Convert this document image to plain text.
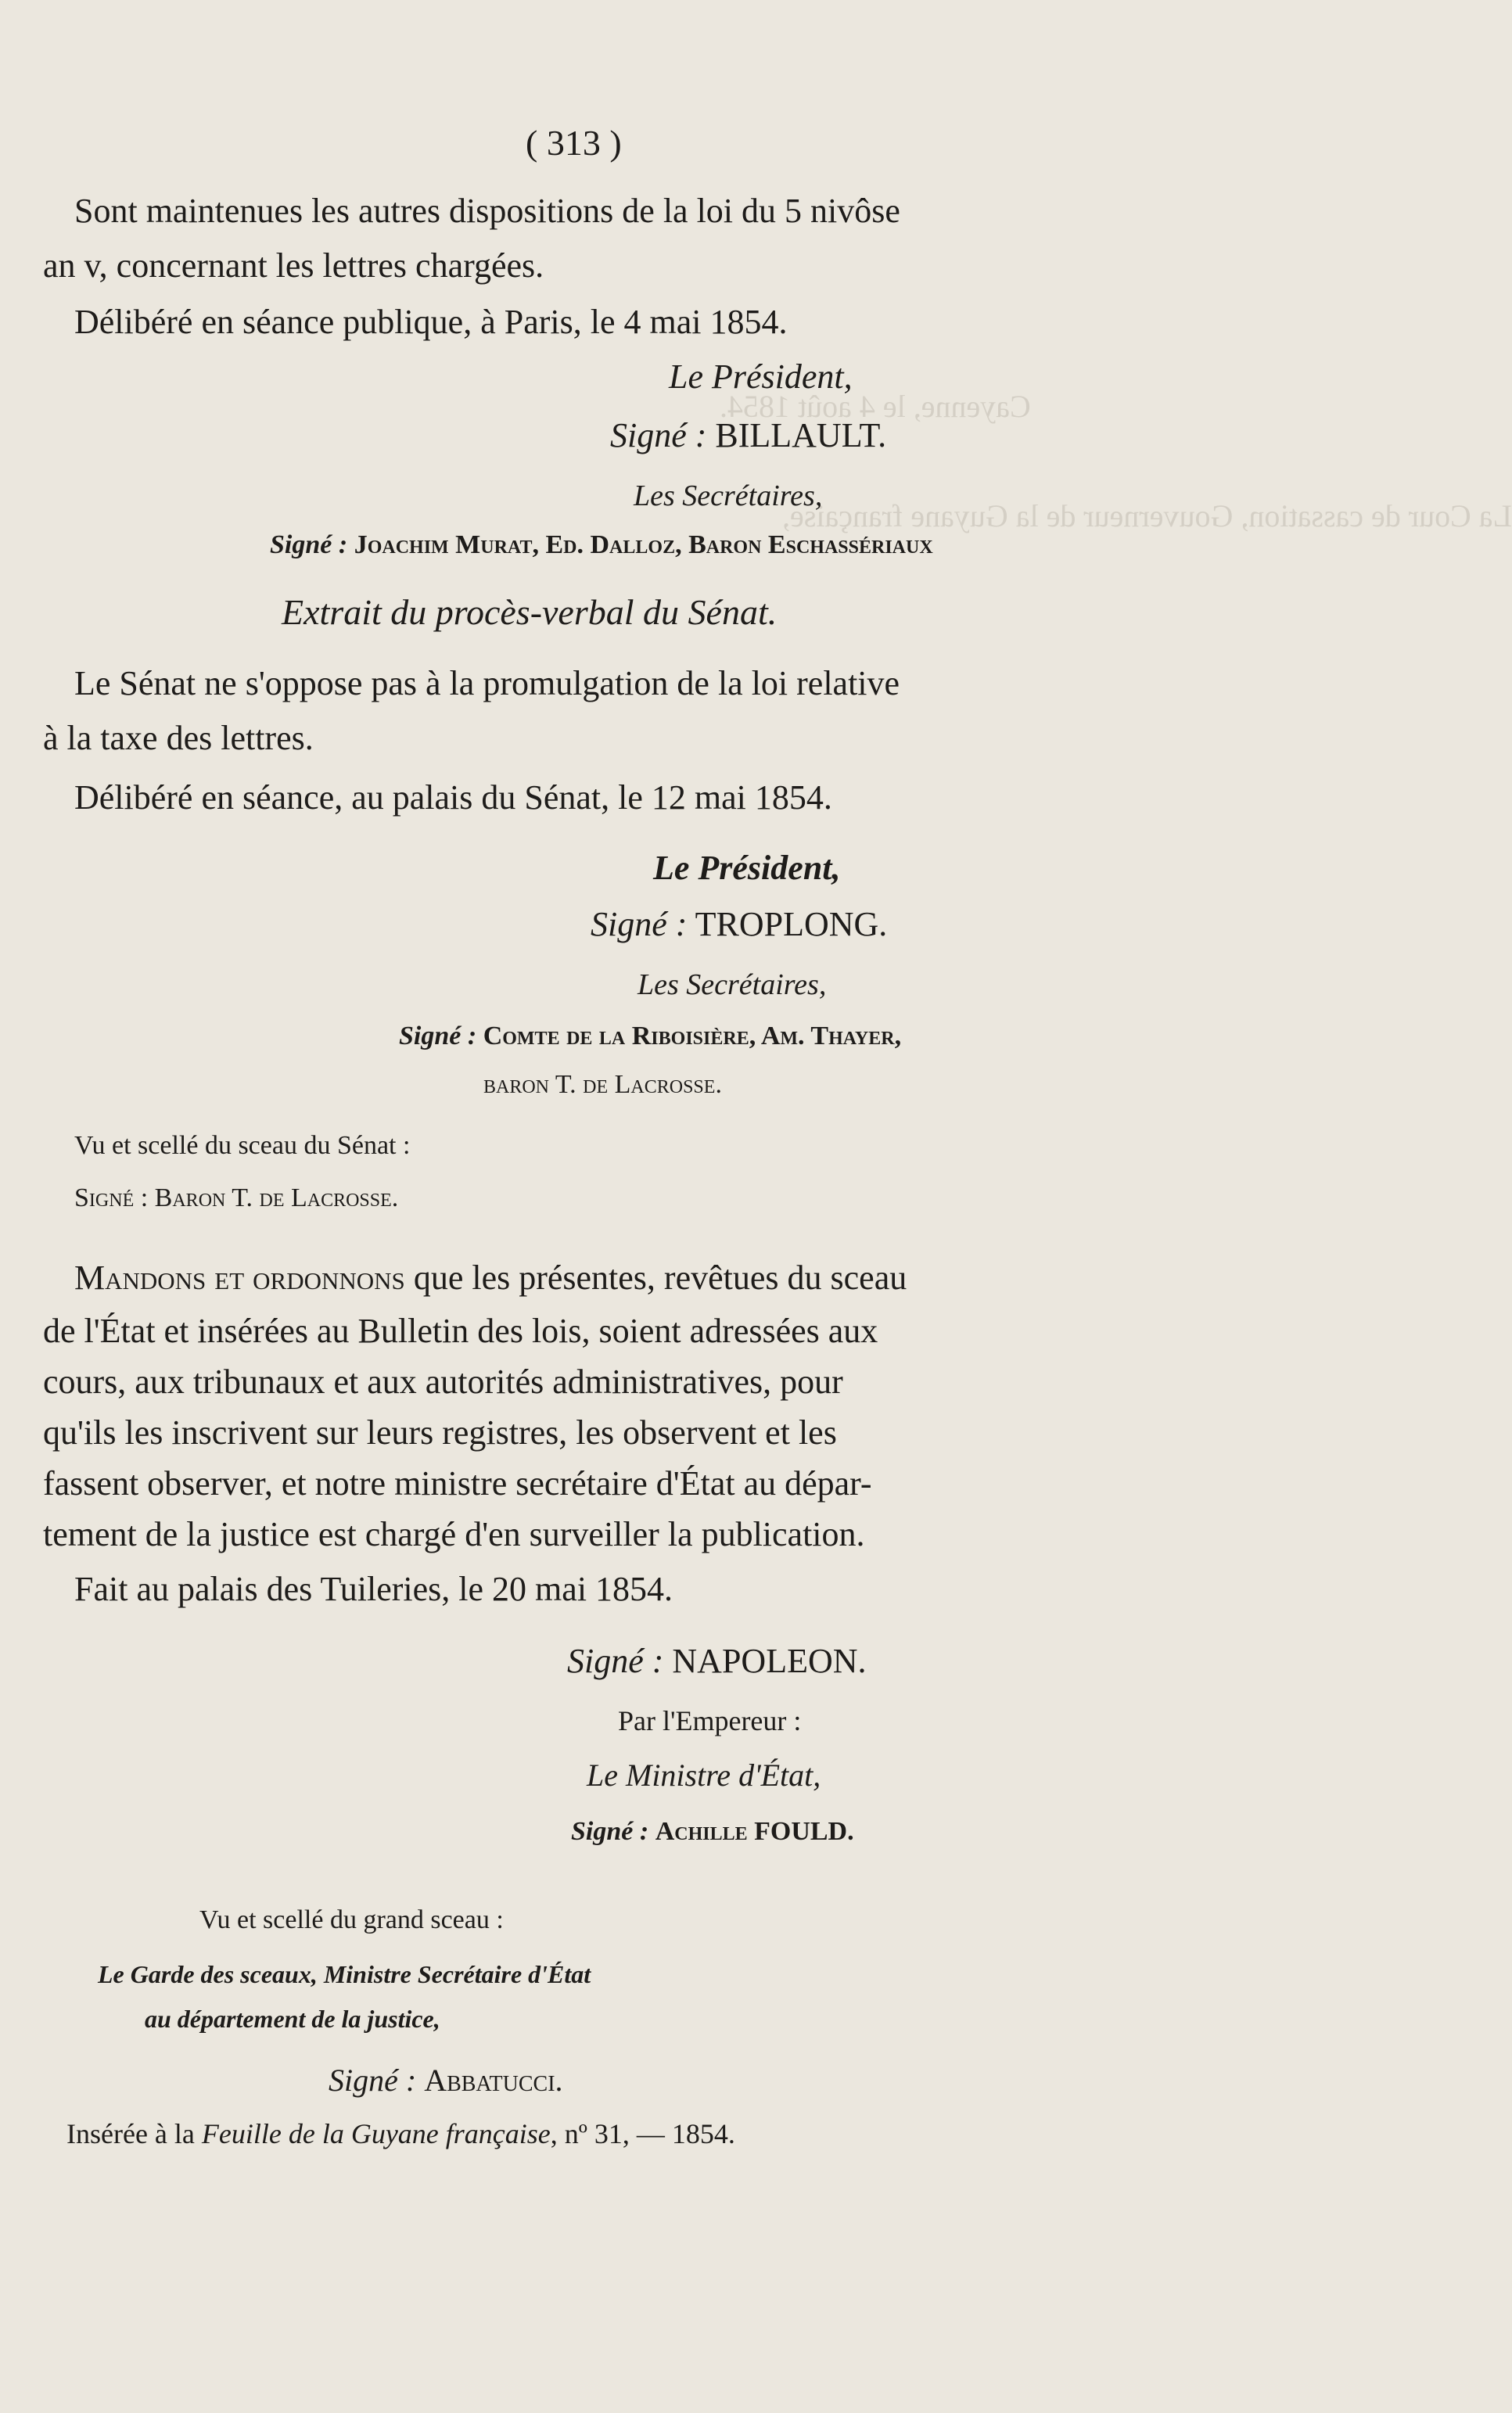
Cayenne, le 4 août 1854.
La Cour de cassation, Gouverneur de la Guyane française,
( 313 )
Sont maintenues les autres dispositions de la loi du 5 nivôse
an v, concernant les lettres chargées.
Délibéré en séance publique, à Paris, le 4 mai 1854.
Le Président,
Signé : BILLAULT.
Les Secrétaires,
Signé : Joachim Murat, Ed. Dalloz, Baron Eschassériaux
Extrait du procès-verbal du Sénat.
Le Sénat ne s'oppose pas à la promulgation de la loi relative
à la taxe des lettres.
Délibéré en séance, au palais du Sénat, le 12 mai 1854.
Le Président,
Signé : TROPLONG.
Les Secrétaires,
Signé : Comte de la Riboisière, Am. Thayer,
baron T. de Lacrosse.
Vu et scellé du sceau du Sénat :
Signé : Baron T. de Lacrosse.
Mandons et ordonnons que les présentes, revêtues du sceau
de l'État et insérées au Bulletin des lois, soient adressées aux
cours, aux tribunaux et aux autorités administratives, pour
qu'ils les inscrivent sur leurs registres, les observent et les
fassent observer, et notre ministre secrétaire d'État au dépar-
tement de la justice est chargé d'en surveiller la publication.
Fait au palais des Tuileries, le 20 mai 1854.
Signé : NAPOLEON.
Par l'Empereur :
Le Ministre d'État,
Signé : Achille FOULD.
Vu et scellé du grand sceau :
Le Garde des sceaux, Ministre Secrétaire d'État
au département de la justice,
Signé : Abbatucci.
Insérée à la Feuille de la Guyane française, nº 31, — 1854.
